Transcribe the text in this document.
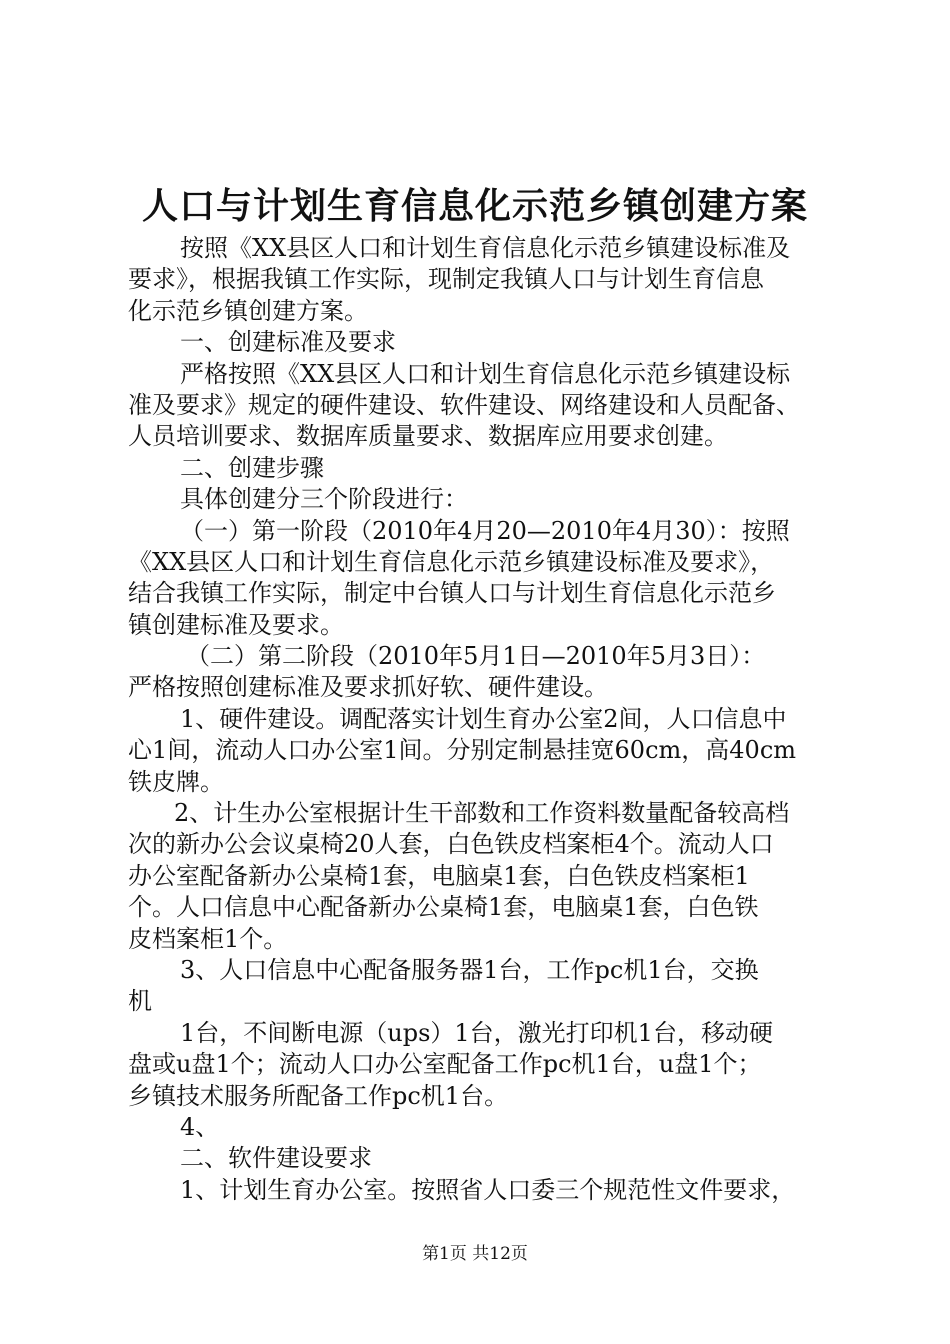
人口与计划生育信息化示范乡镇创建方案
按照《XX县区人口和计划生育信息化示范乡镇建设标准及
要求》，根据我镇工作实际，现制定我镇人口与计划生育信息
化示范乡镇创建方案。
一、创建标准及要求
严格按照《XX县区人口和计划生育信息化示范乡镇建设标
准及要求》规定的硬件建设、软件建设、网络建设和人员配备、
人员培训要求、数据库质量要求、数据库应用要求创建。
二、创建步骤
具体创建分三个阶段进行：
（一）第一阶段（2010年4月20—2010年4月30）：按照
《XX县区人口和计划生育信息化示范乡镇建设标准及要求》，
结合我镇工作实际，制定中台镇人口与计划生育信息化示范乡
镇创建标准及要求。
（二）第二阶段（2010年5月1日—2010年5月3日）：
严格按照创建标准及要求抓好软、硬件建设。
1、硬件建设。调配落实计划生育办公室2间，人口信息中
心1间，流动人口办公室1间。分别定制悬挂宽60cm，高40cm
铁皮牌。
2、计生办公室根据计生干部数和工作资料数量配备较高档
次的新办公会议桌椅20人套，白色铁皮档案柜4个。流动人口
办公室配备新办公桌椅1套，电脑桌1套，白色铁皮档案柜1
个。人口信息中心配备新办公桌椅1套，电脑桌1套，白色铁
皮档案柜1个。
3、人口信息中心配备服务器1台，工作pc机1台，交换
机
1台，不间断电源（ups）1台，激光打印机1台，移动硬
盘或u盘1个；流动人口办公室配备工作pc机1台，u盘1个；
乡镇技术服务所配备工作pc机1台。
4、
二、软件建设要求
1、计划生育办公室。按照省人口委三个规范性文件要求，
第1页 共12页
